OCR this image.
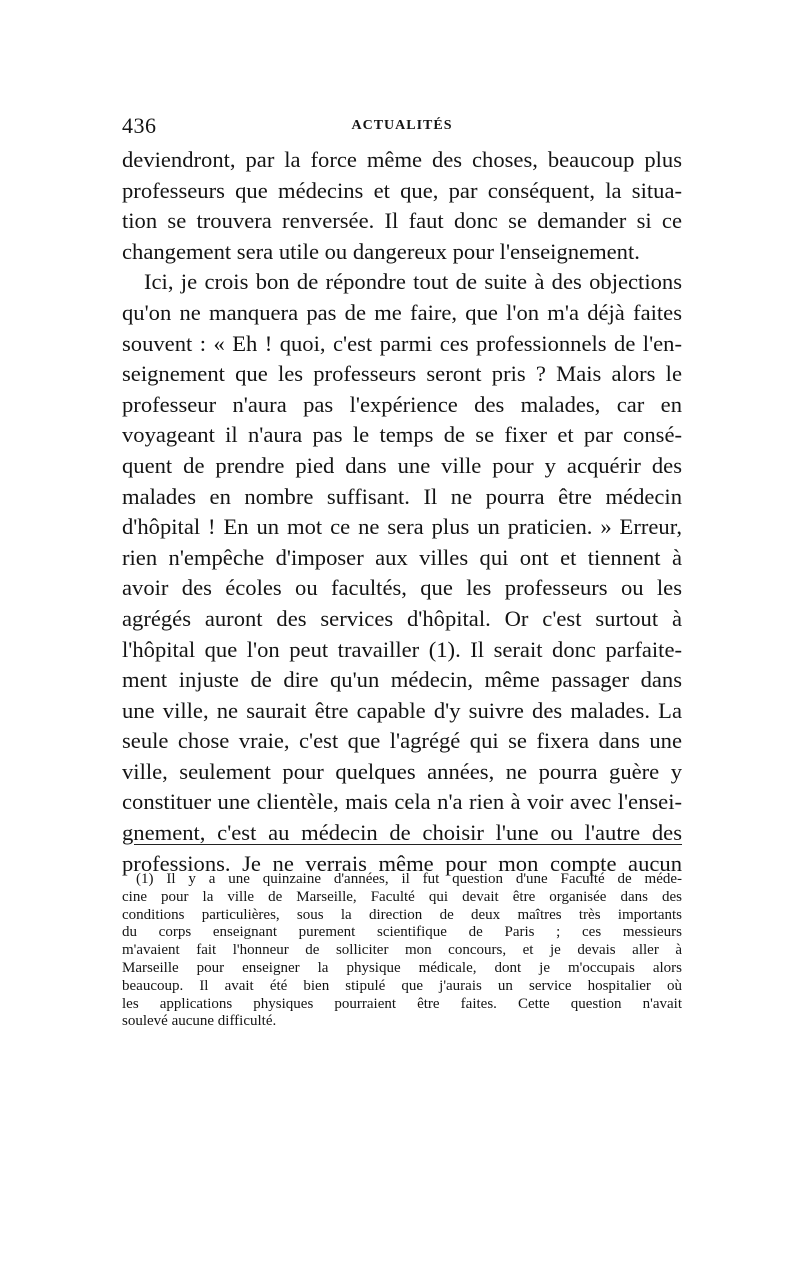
436	ACTUALITÉS
deviendront, par la force même des choses, beaucoup plus
professeurs que médecins et que, par conséquent, la situa-
tion se trouvera renversée. Il faut donc se demander si ce
changement sera utile ou dangereux pour l'enseignement.
Ici, je crois bon de répondre tout de suite à des objections
qu'on ne manquera pas de me faire, que l'on m'a déjà faites
souvent : « Eh ! quoi, c'est parmi ces professionnels de l'en-
seignement que les professeurs seront pris ? Mais alors le
professeur n'aura pas l'expérience des malades, car en
voyageant il n'aura pas le temps de se fixer et par consé-
quent de prendre pied dans une ville pour y acquérir des
malades en nombre suffisant. Il ne pourra être médecin
d'hôpital ! En un mot ce ne sera plus un praticien. » Erreur,
rien n'empêche d'imposer aux villes qui ont et tiennent à
avoir des écoles ou facultés, que les professeurs ou les
agrégés auront des services d'hôpital. Or c'est surtout à
l'hôpital que l'on peut travailler (1). Il serait donc parfaite-
ment injuste de dire qu'un médecin, même passager dans
une ville, ne saurait être capable d'y suivre des malades. La
seule chose vraie, c'est que l'agrégé qui se fixera dans une
ville, seulement pour quelques années, ne pourra guère y
constituer une clientèle, mais cela n'a rien à voir avec l'ensei-
gnement, c'est au médecin de choisir l'une ou l'autre des
professions. Je ne verrais même pour mon compte aucun
(1) Il y a une quinzaine d'années, il fut question d'une Faculté de méde-
cine pour la ville de Marseille, Faculté qui devait être organisée dans des
conditions particulières, sous la direction de deux maîtres très importants
du corps enseignant purement scientifique de Paris ; ces messieurs
m'avaient fait l'honneur de solliciter mon concours, et je devais aller à
Marseille pour enseigner la physique médicale, dont je m'occupais alors
beaucoup. Il avait été bien stipulé que j'aurais un service hospitalier où
les applications physiques pourraient être faites. Cette question n'avait
soulevé aucune difficulté.
